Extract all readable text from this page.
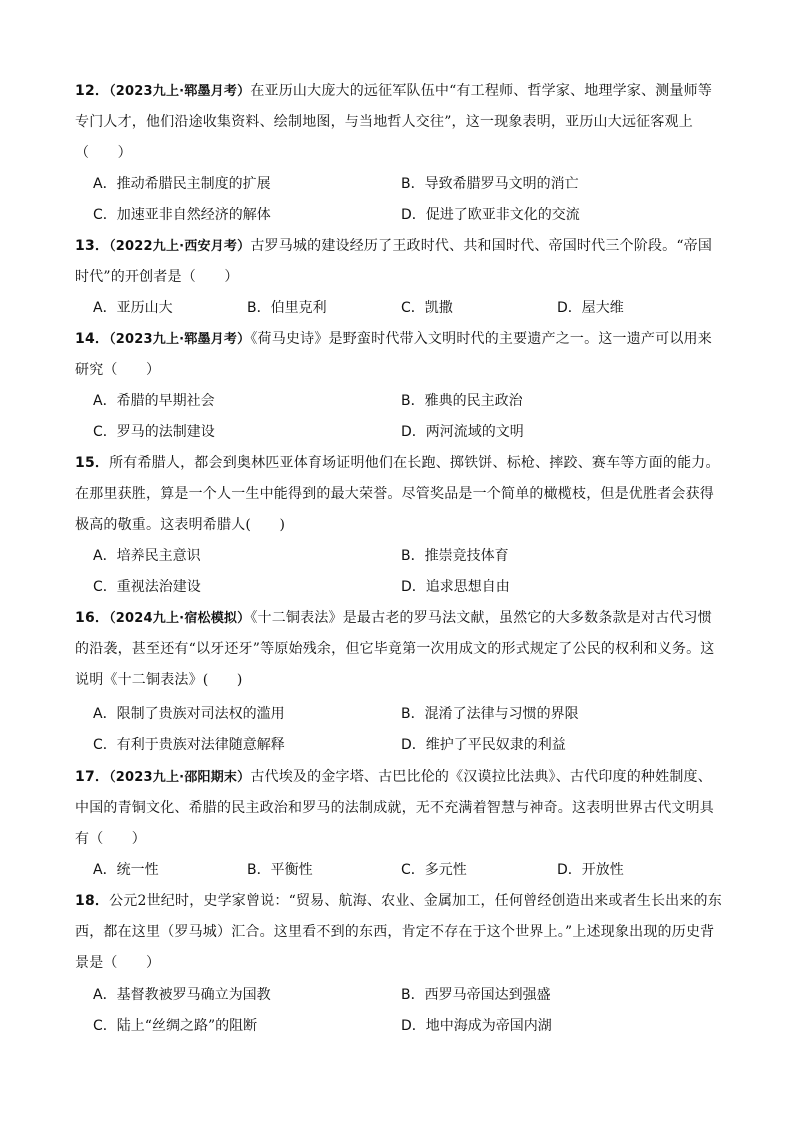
12．（2023九上·郓墨月考）在亚历山大庞大的远征军队伍中“有工程师、哲学家、地理学家、测量师等专门人才，他们沿途收集资料、绘制地图，与当地哲人交往”，这一现象表明，亚历山大远征客观上（　　）
A．推动希腊民主制度的扩展	B．导致希腊罗马文明的消亡
C．加速亚非自然经济的解体	D．促进了欧亚非文化的交流
13．（2022九上·西安月考）古罗马城的建设经历了王政时代、共和国时代、帝国时代三个阶段。“帝国时代”的开创者是（　　）
A．亚历山大	B．伯里克利	C．凯撒	D．屋大维
14．（2023九上·郓墨月考）《荷马史诗》是野蛮时代带入文明时代的主要遗产之一。这一遗产可以用来研究（　　）
A．希腊的早期社会	B．雅典的民主政治
C．罗马的法制建设	D．两河流域的文明
15．所有希腊人，都会到奥林匹亚体育场证明他们在长跑、掷铁饼、标枪、摔跤、赛车等方面的能力。在那里获胜，算是一个人一生中能得到的最大荣誉。尽管奖品是一个简单的橄榄枝，但是优胜者会获得极高的敬重。这表明希腊人(　　)
A．培养民主意识	B．推崇竞技体育
C．重视法治建设	D．追求思想自由
16．（2024九上·宿松模拟）《十二铜表法》是最古老的罗马法文献，虽然它的大多数条款是对古代习惯的沿袭，甚至还有“以牙还牙”等原始残余，但它毕竟第一次用成文的形式规定了公民的权利和义务。这说明《十二铜表法》(　　)
A．限制了贵族对司法权的滥用	B．混淆了法律与习惯的界限
C．有利于贵族对法律随意解释	D．维护了平民奴隶的利益
17．（2023九上·邵阳期末）古代埃及的金字塔、古巴比伦的《汉谟拉比法典》、古代印度的种姓制度、中国的青铜文化、希腊的民主政治和罗马的法制成就，无不充满着智慧与神奇。这表明世界古代文明具有（　　）
A．统一性	B．平衡性	C．多元性	D．开放性
18．公元2世纪时，史学家曾说：“贸易、航海、农业、金属加工，任何曾经创造出来或者生长出来的东西，都在这里（罗马城）汇合。这里看不到的东西，肯定不存在于这个世界上。”上述现象出现的历史背景是（　　）
A．基督教被罗马确立为国教	B．西罗马帝国达到强盛
C．陆上“丝绸之路”的阻断	D．地中海成为帝国内湖
